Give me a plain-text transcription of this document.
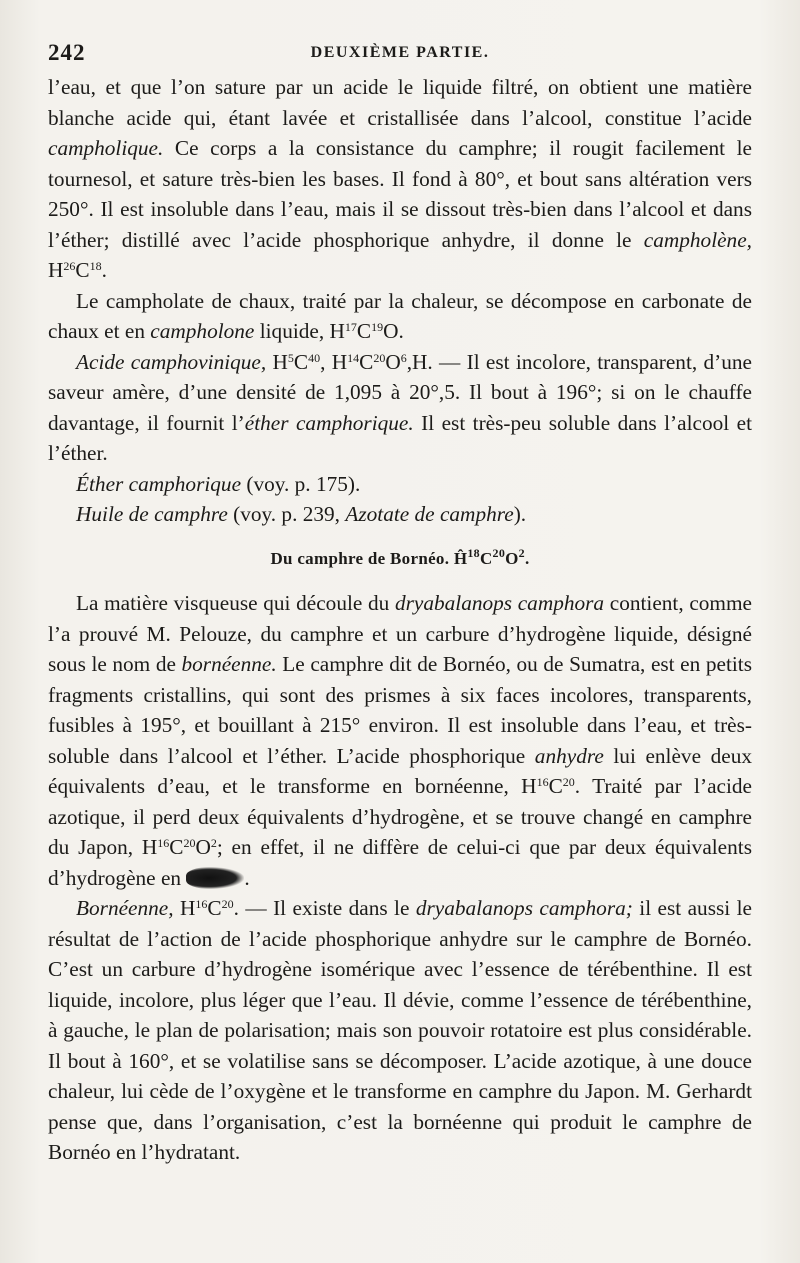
242	DEUXIÈME PARTIE.

l’eau, et que l’on sature par un acide le liquide filtré, on obtient une matière blanche acide qui, étant lavée et cristallisée dans l’alcool, constitue l’acide campholique. Ce corps a la consistance du camphre; il rougit facilement le tournesol, et sature très-bien les bases. Il fond à 80°, et bout sans altération vers 250°. Il est insoluble dans l’eau, mais il se dissout très-bien dans l’alcool et dans l’éther; distillé avec l’acide phosphorique anhydre, il donne le campholène, $H^{26}C^{18}$.

Le campholate de chaux, traité par la chaleur, se décompose en carbonate de chaux et en campholone liquide, $H^{17}C^{19}O$.

Acide camphovinique, $H^5C^{40}$, $H^{14}C^{20}O^6,H$. — Il est incolore, transparent, d’une saveur amère, d’une densité de 1,095 à 20°,5. Il bout à 196°; si on le chauffe davantage, il fournit l’éther camphorique. Il est très-peu soluble dans l’alcool et l’éther.

Éther camphorique (voy. p. 175).

Huile de camphre (voy. p. 239, Azotate de camphre).

Du camphre de Bornéo. $Ĥ^{18}C^{20}O^2$.

La matière visqueuse qui découle du dryabalanops camphora contient, comme l’a prouvé M. Pelouze, du camphre et un carbure d’hydrogène liquide, désigné sous le nom de bornéenne. Le camphre dit de Bornéo, ou de Sumatra, est en petits fragments cristallins, qui sont des prismes à six faces incolores, transparents, fusibles à 195°, et bouillant à 215° environ. Il est insoluble dans l’eau, et très-soluble dans l’alcool et l’éther. L’acide phosphorique anhydre lui enlève deux équivalents d’eau, et le transforme en bornéenne, $H^{16}C^{20}$. Traité par l’acide azotique, il perd deux équivalents d’hydrogène, et se trouve changé en camphre du Japon, $H^{16}C^{20}O^2$; en effet, il ne diffère de celui-ci que par deux équivalents d’hydrogène en	.

Bornéenne, $H^{16}C^{20}$. — Il existe dans le dryabalanops camphora; il est aussi le résultat de l’action de l’acide phosphorique anhydre sur le camphre de Bornéo. C’est un carbure d’hydrogène isomérique avec l’essence de térébenthine. Il est liquide, incolore, plus léger que l’eau. Il dévie, comme l’essence de térébenthine, à gauche, le plan de polarisation; mais son pouvoir rotatoire est plus considérable. Il bout à 160°, et se volatilise sans se décomposer. L’acide azotique, à une douce chaleur, lui cède de l’oxygène et le transforme en camphre du Japon. M. Gerhardt pense que, dans l’organisation, c’est la bornéenne qui produit le camphre de Bornéo en l’hydratant.
